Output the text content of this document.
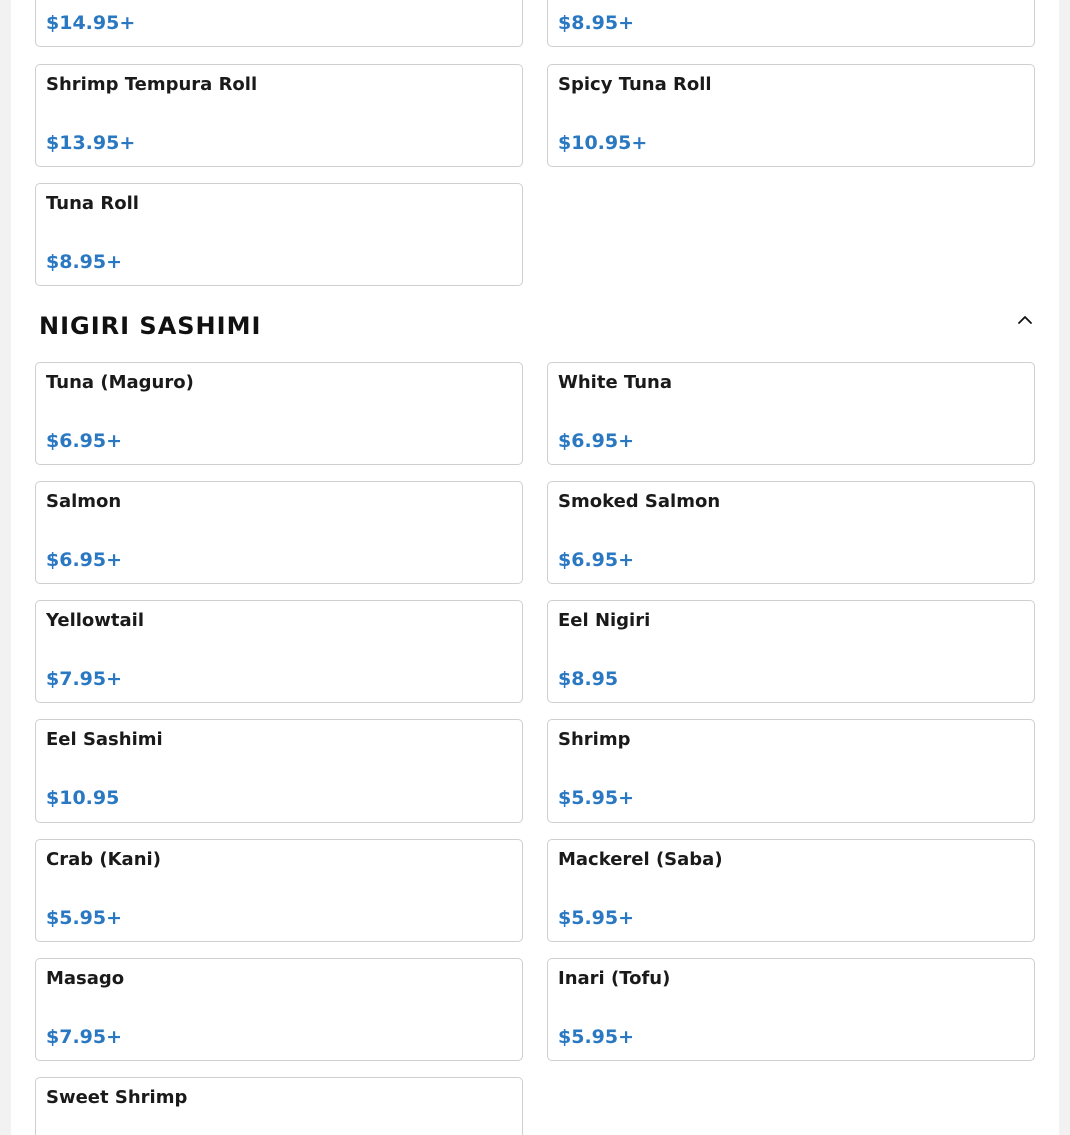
$14.95+	$8.95+
Shrimp Tempura Roll
$13.95+
Spicy Tuna Roll
$10.95+
Tuna Roll
$8.95+
NIGIRI SASHIMI
Tuna (Maguro)
$6.95+
White Tuna
$6.95+
Salmon
$6.95+
Smoked Salmon
$6.95+
Yellowtail
$7.95+
Eel Nigiri
$8.95
Eel Sashimi
$10.95
Shrimp
$5.95+
Crab (Kani)
$5.95+
Mackerel (Saba)
$5.95+
Masago
$7.95+
Inari (Tofu)
$5.95+
Sweet Shrimp
